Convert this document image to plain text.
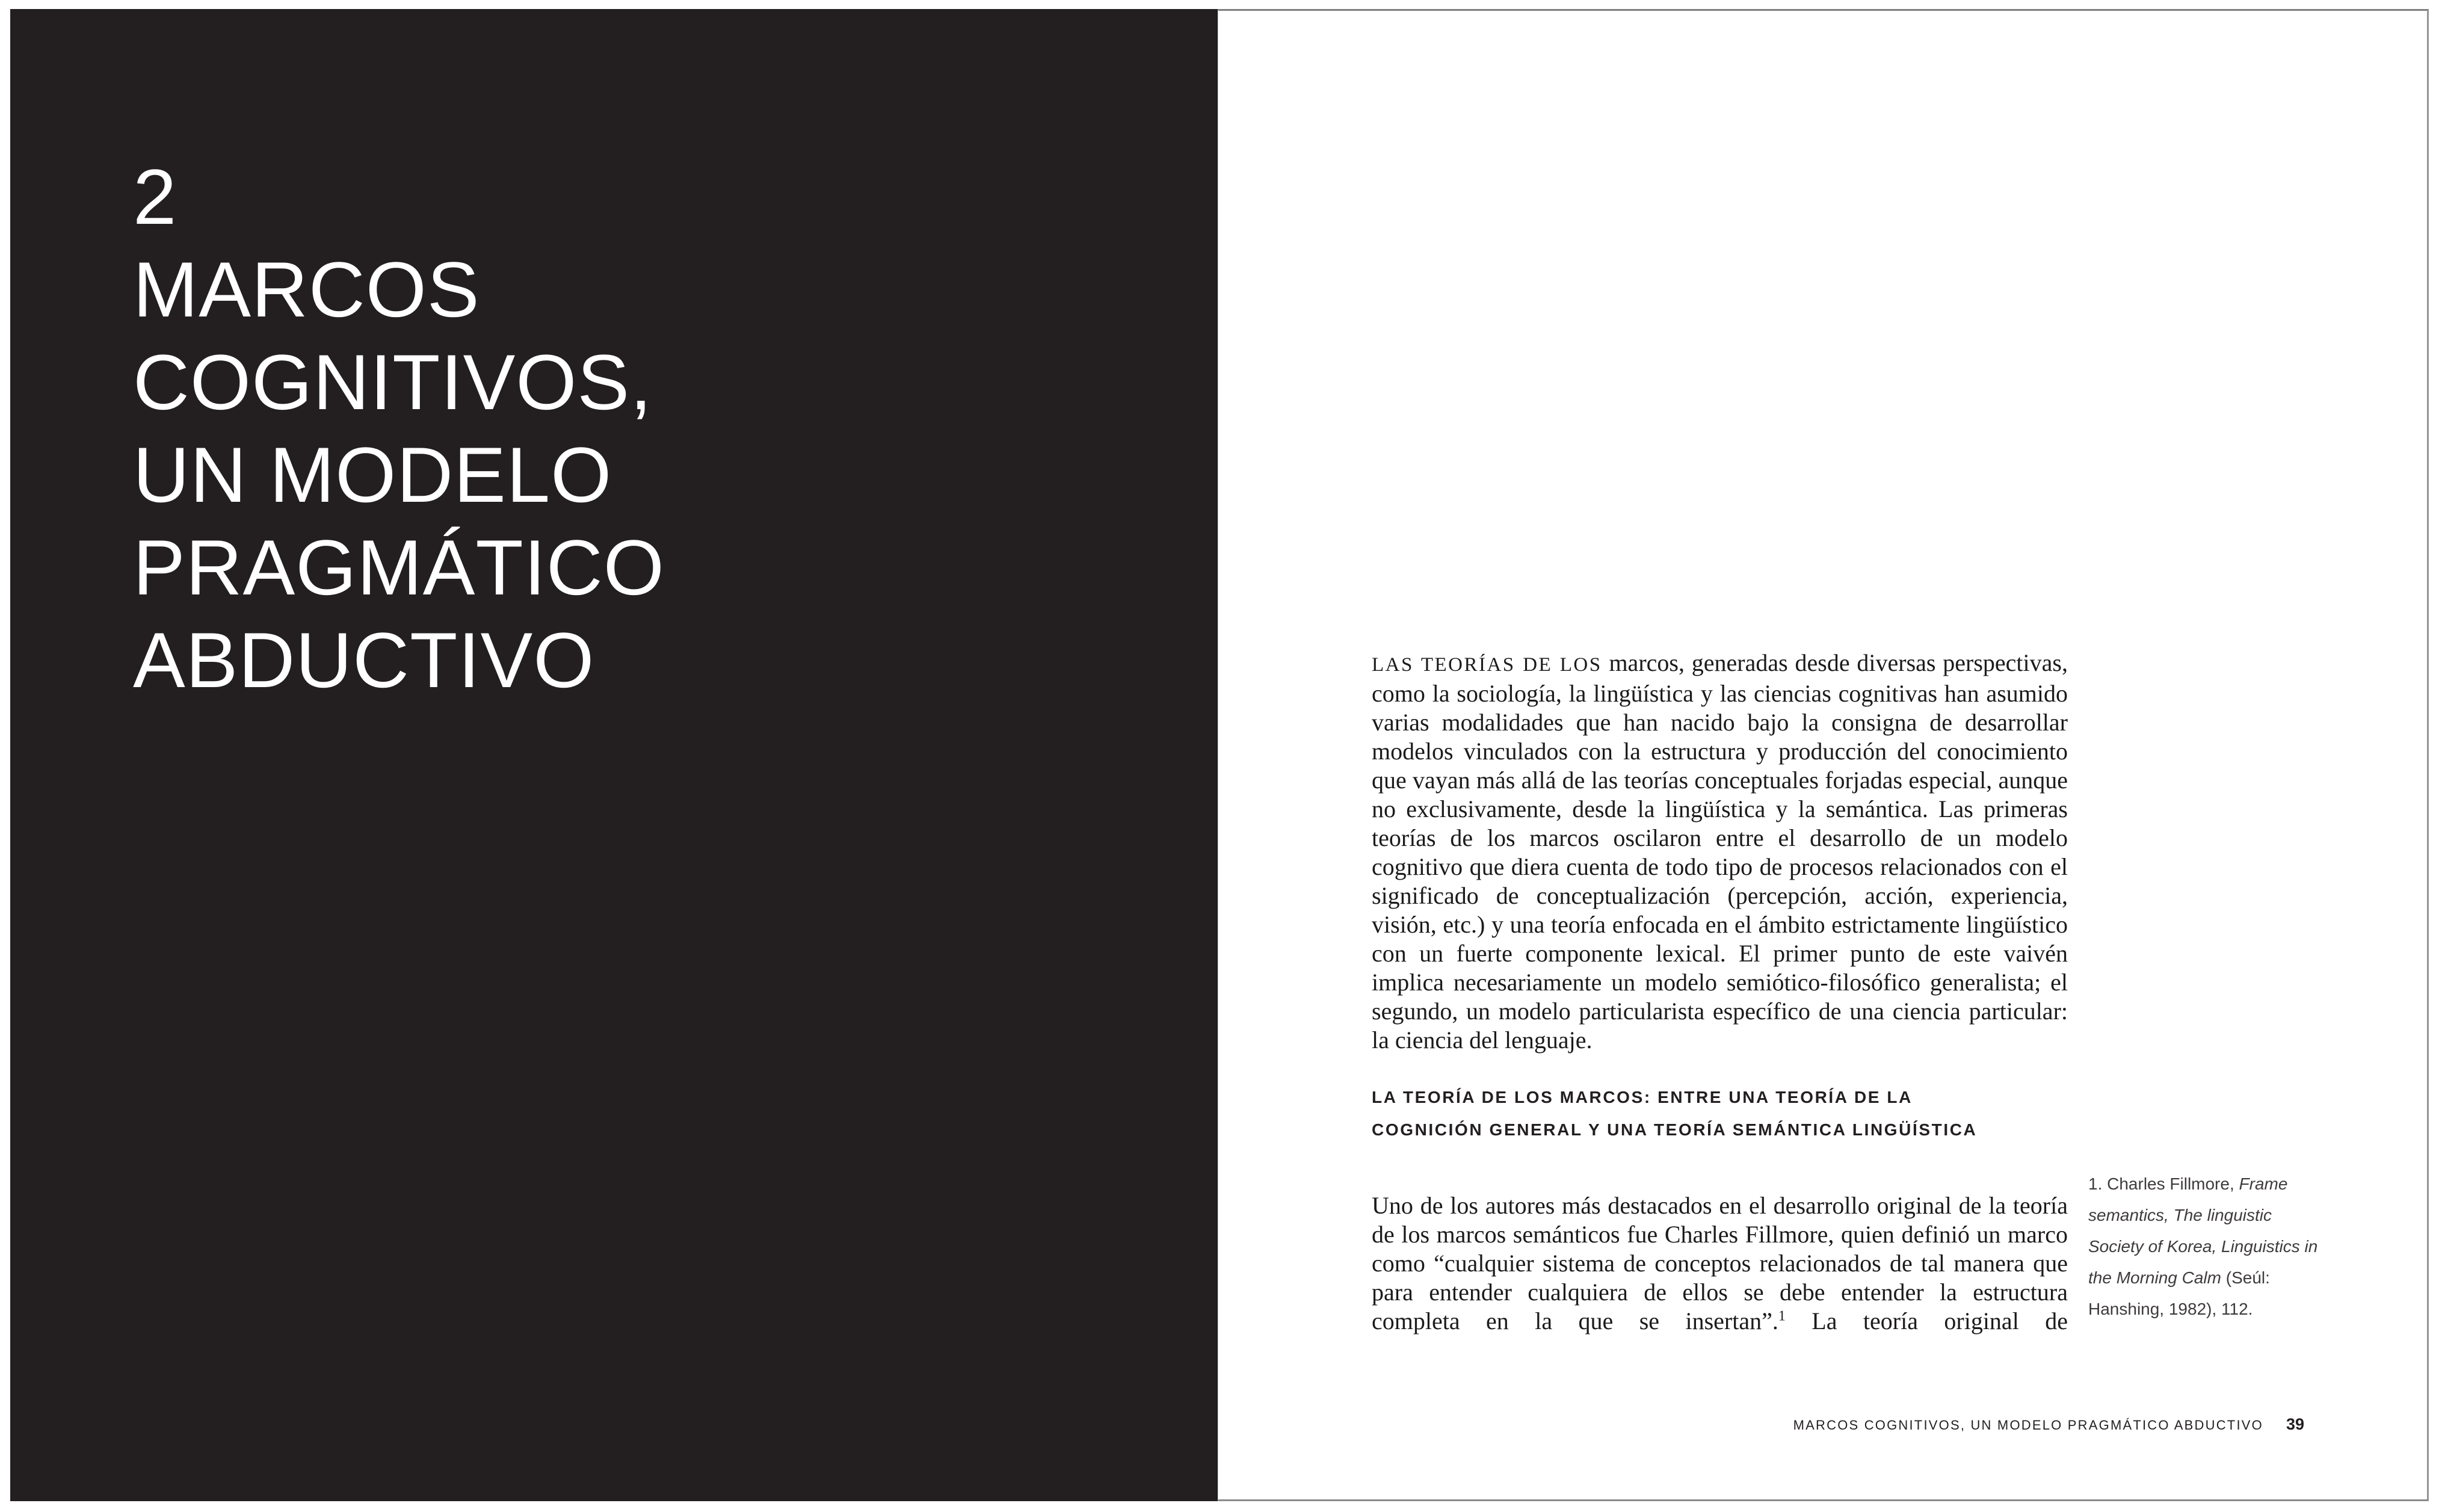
2
MARCOS
COGNITIVOS,
UN MODELO
PRAGMÁTICO
ABDUCTIVO	LAS TEORÍAS DE LOS marcos, generadas desde diversas perspectivas, como la sociología, la lingüística y las ciencias cognitivas han asumido varias modalidades que han nacido bajo la consigna de desarrollar modelos vinculados con la estructura y producción del conocimiento que vayan más allá de las teorías conceptuales forjadas especial, aunque no exclusivamente, desde la lingüística y la semántica. Las primeras teorías de los marcos oscilaron entre el desarrollo de un modelo cognitivo que diera cuenta de todo tipo de procesos relacionados con el significado de conceptualización (percepción, acción, experiencia, visión, etc.) y una teoría enfocada en el ámbito estrictamente lingüístico con un fuerte componente lexical. El primer punto de este vaivén implica necesariamente un modelo semiótico-filosófico generalista; el segundo, un modelo particularista específico de una ciencia particular: la ciencia del lenguaje.

LA TEORÍA DE LOS MARCOS: ENTRE UNA TEORÍA DE LA
COGNICIÓN GENERAL Y UNA TEORÍA SEMÁNTICA LINGÜÍSTICA

Uno de los autores más destacados en el desarrollo original de la teoría de los marcos semánticos fue Charles Fillmore, quien definió un marco como “cualquier sistema de conceptos relacionados de tal manera que para entender cualquiera de ellos se debe entender la estructura completa en la que se insertan”.$^1$ La teoría original de

1. Charles Fillmore, Frame semantics, The linguistic Society of Korea, Linguistics in the Morning Calm (Seúl: Hanshing, 1982), 112.
MARCOS COGNITIVOS, UN MODELO PRAGMÁTICO ABDUCTIVO 39
